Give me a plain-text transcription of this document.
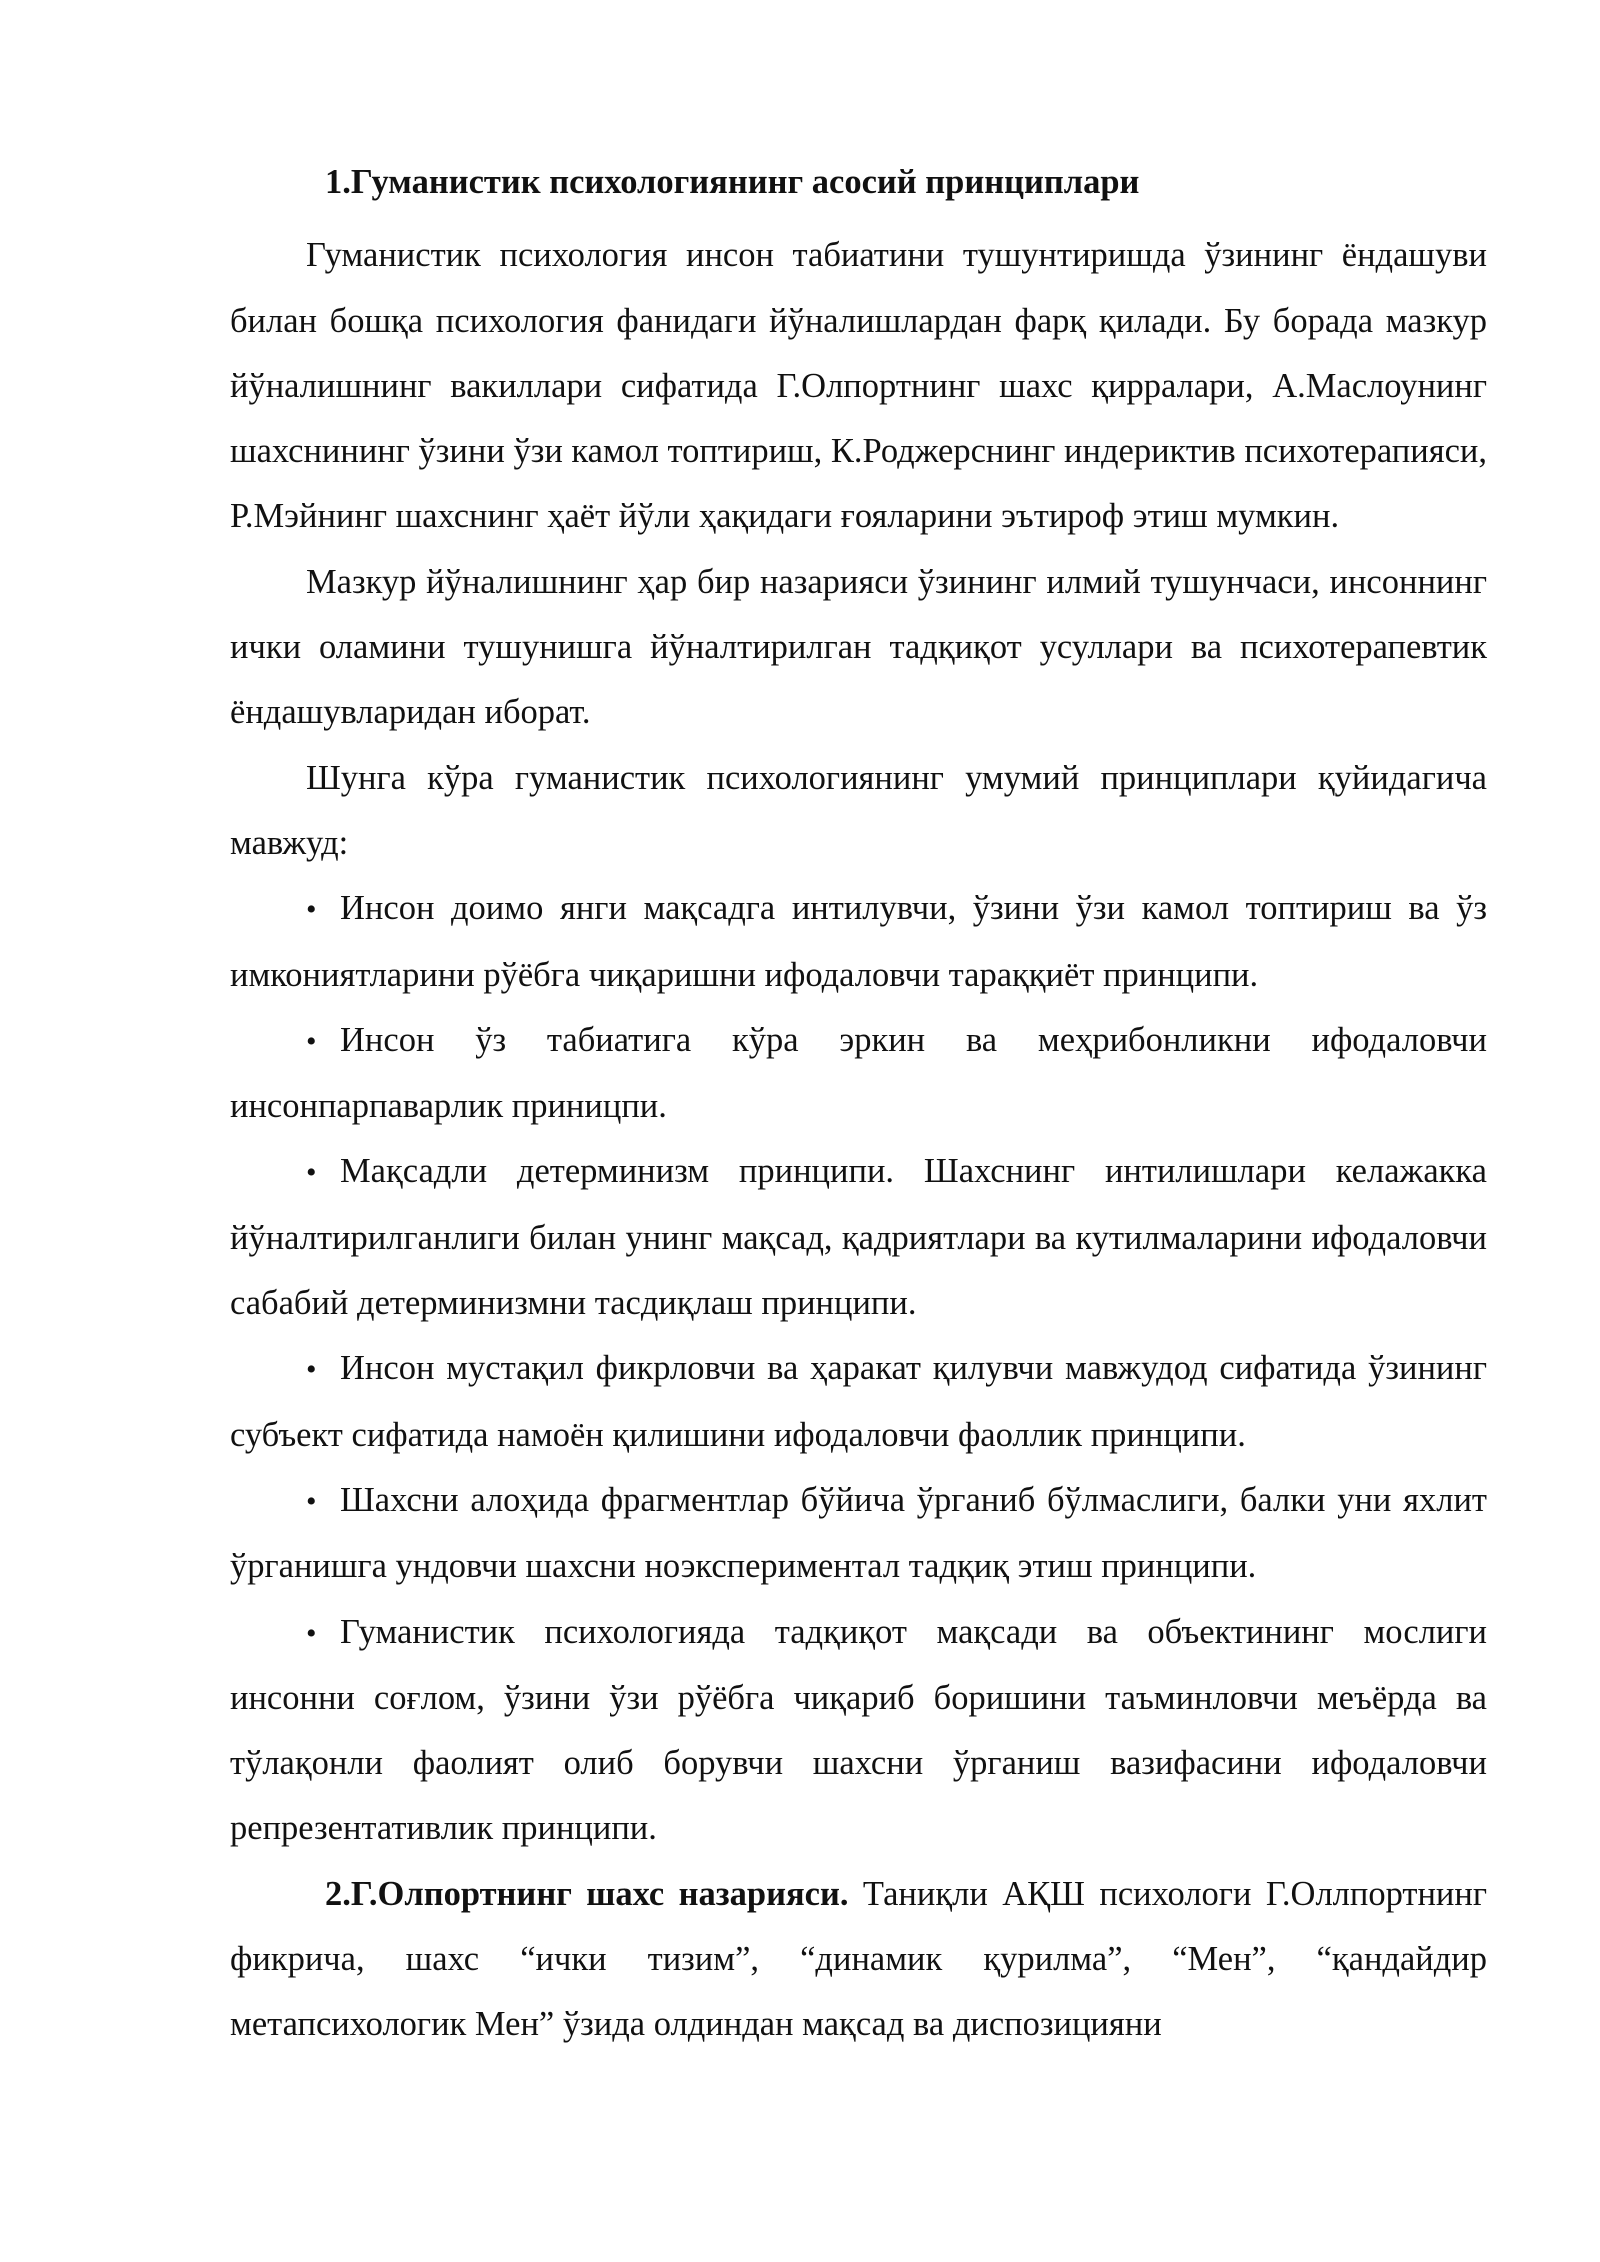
1.Гуманистик психологиянинг асосий принциплари

Гуманистик психология инсон табиатини тушунтиришда ўзининг ёндашуви билан бошқа психология фанидаги йўналишлардан фарқ қилади. Бу борада мазкур йўналишнинг вакиллари сифатида Г.Олпортнинг шахс қирралари, А.Маслоунинг шахснининг ўзини ўзи камол топтириш, К.Роджерснинг индериктив психотерапияси, Р.Мэйнинг шахснинг ҳаёт йўли ҳақидаги ғояларини эътироф этиш мумкин.

Мазкур йўналишнинг ҳар бир назарияси ўзининг илмий тушунчаси, инсоннинг ички оламини тушунишга йўналтирилган тадқиқот усуллари ва психотерапевтик ёндашувларидан иборат.

Шунга кўра гуманистик психологиянинг умумий принциплари қуйидагича мавжуд:

• Инсон доимо янги мақсадга интилувчи, ўзини ўзи камол топтириш ва ўз имкониятларини рўёбга чиқаришни ифодаловчи тараққиёт принципи.
• Инсон ўз табиатига кўра эркин ва меҳрибонликни ифодаловчи инсонпарпаварлик приницпи.
• Мақсадли детерминизм принципи. Шахснинг интилишлари келажакка йўналтирилганлиги билан унинг мақсад, қадриятлари ва кутилмаларини ифодаловчи сабабий детерминизмни тасдиқлаш принципи.
• Инсон мустақил фикрловчи ва ҳаракат қилувчи мавжудод сифатида ўзининг субъект сифатида намоён қилишини ифодаловчи фаоллик принципи.
• Шахсни алоҳида фрагментлар бўйича ўрганиб бўлмаслиги, балки уни яхлит ўрганишга ундовчи шахсни ноэкспериментал тадқиқ этиш принципи.
• Гуманистик психологияда тадқиқот мақсади ва объектининг мослиги инсонни соғлом, ўзини ўзи рўёбга чиқариб боришини таъминловчи меъёрда ва тўлақонли фаолият олиб борувчи шахсни ўрганиш вазифасини ифодаловчи репрезентативлик принципи.

2.Г.Олпортнинг шахс назарияси. Таниқли АҚШ психологи Г.Оллпортнинг фикрича, шахс “ички тизим”, “динамик қурилма”, “Мен”, “қандайдир метапсихологик Мен” ўзида олдиндан мақсад ва диспозицияни
